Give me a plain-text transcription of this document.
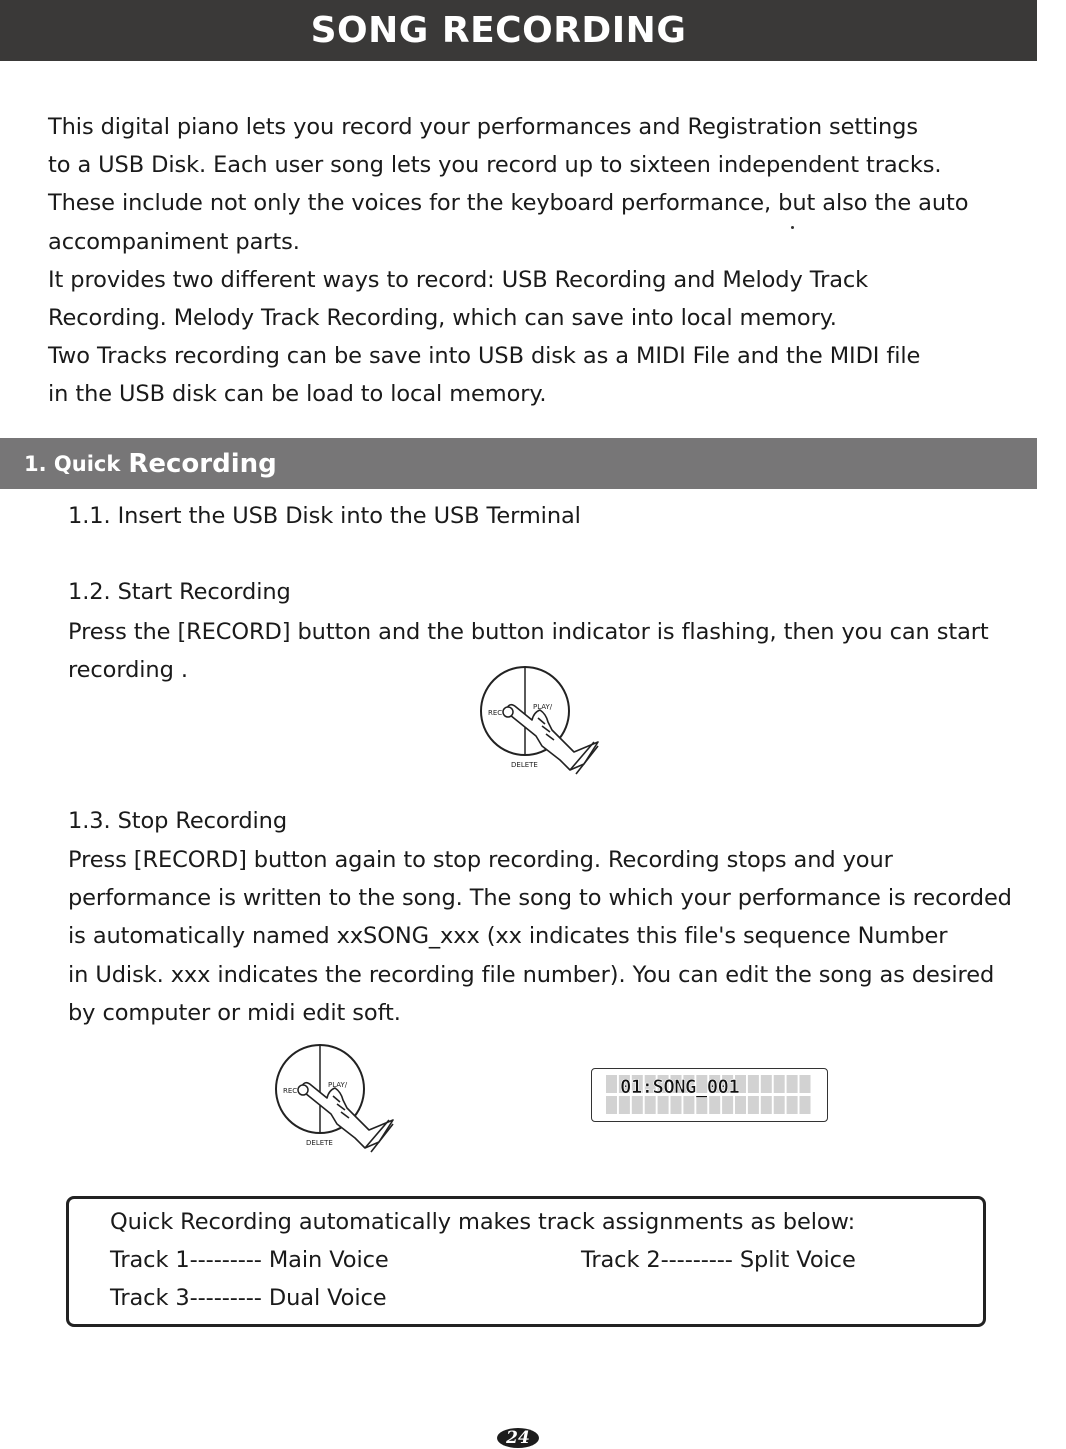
SONG RECORDING
This digital piano lets you record your performances and Registration settings
to a USB Disk. Each user song lets you record up to sixteen independent tracks.
These include not only the voices for the keyboard performance, but also the auto
accompaniment parts.
It provides two different ways to record: USB Recording and Melody Track
Recording. Melody Track Recording, which can save into local memory.
Two Tracks recording can be save into USB disk as a MIDI File and the MIDI file
in the USB disk can be load to local memory.
1. Quick Recording
1.1. Insert the USB Disk into the USB Terminal
1.2. Start Recording
Press the [RECORD] button and the button indicator is flashing, then you can start
recording .
REC
PLAY/
DELETE
1.3. Stop Recording
Press [RECORD] button again to stop recording. Recording stops and your
performance is written to the song. The song to which your performance is recorded
is automatically named xxSONG_xxx (xx indicates this file's sequence Number
in Udisk. xxx indicates the recording file number). You can edit the song as desired
by computer or midi edit soft.
REC
PLAY/
DELETE
01:SONG_001
Quick Recording automatically makes track assignments as below:
Track 1--------- Main Voice	Track 2--------- Split Voice
Track 3--------- Dual Voice
24
